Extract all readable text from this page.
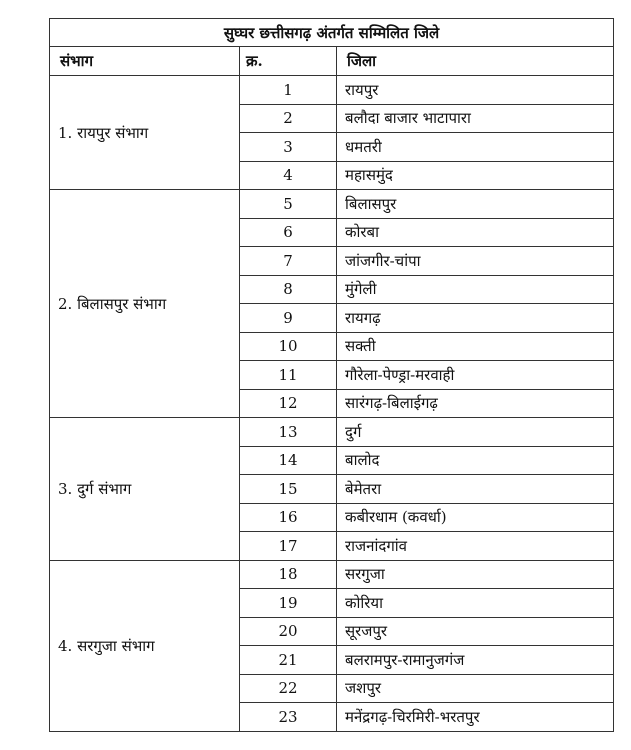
सुघ्घर छत्तीसगढ़ अंतर्गत सम्मिलित जिले		
संभाग	क्र.	जिला
1. रायपुर संभाग	1	रायपुर
	2	बलौदा बाजार भाटापारा
	3	धमतरी
	4	महासमुंद
2. बिलासपुर संभाग	5	बिलासपुर
	6	कोरबा
	7	जांजगीर-चांपा
	8	मुंगेली
	9	रायगढ़
	10	सक्ती
	11	गौरेला-पेण्ड्रा-मरवाही
	12	सारंगढ़-बिलाईगढ़
3. दुर्ग संभाग	13	दुर्ग
	14	बालोद
	15	बेमेतरा
	16	कबीरधाम (कवर्धा)
	17	राजनांदगांव
4. सरगुजा संभाग	18	सरगुजा
	19	कोरिया
	20	सूरजपुर
	21	बलरामपुर-रामानुजगंज
	22	जशपुर
	23	मनेंद्रगढ़-चिरमिरी-भरतपुर
